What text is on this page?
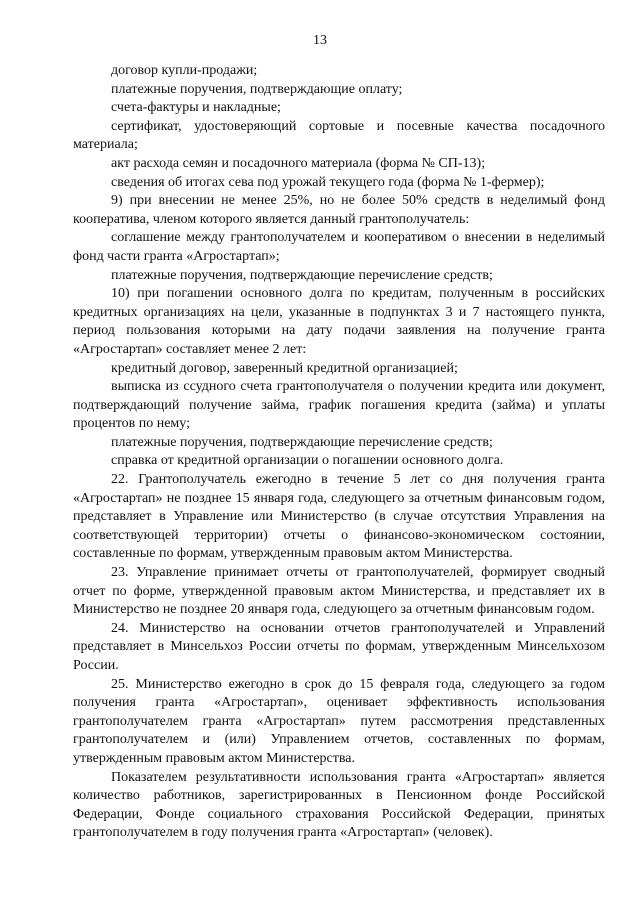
13

договор купли-продажи;

платежные поручения, подтверждающие оплату;

счета-фактуры и накладные;

сертификат, удостоверяющий сортовые и посевные качества посадочного материала;

акт расхода семян и посадочного материала (форма № СП-13);

сведения об итогах сева под урожай текущего года (форма № 1-фермер);

9) при внесении не менее 25%, но не более 50% средств в неделимый фонд кооператива, членом которого является данный грантополучатель:

соглашение между грантополучателем и кооперативом о внесении в неделимый фонд части гранта «Агростартап»;

платежные поручения, подтверждающие перечисление средств;

10) при погашении основного долга по кредитам, полученным в российских кредитных организациях на цели, указанные в подпунктах 3 и 7 настоящего пункта, период пользования которыми на дату подачи заявления на получение гранта «Агростартап» составляет менее 2 лет:

кредитный договор, заверенный кредитной организацией;

выписка из ссудного счета грантополучателя о получении кредита или документ, подтверждающий получение займа, график погашения кредита (займа) и уплаты процентов по нему;

платежные поручения, подтверждающие перечисление средств;

справка от кредитной организации о погашении основного долга.

22. Грантополучатель ежегодно в течение 5 лет со дня получения гранта «Агростартап» не позднее 15 января года, следующего за отчетным финансовым годом, представляет в Управление или Министерство (в случае отсутствия Управления на соответствующей территории) отчеты о финансово-экономическом состоянии, составленные по формам, утвержденным правовым актом Министерства.

23. Управление принимает отчеты от грантополучателей, формирует сводный отчет по форме, утвержденной правовым актом Министерства, и представляет их в Министерство не позднее 20 января года, следующего за отчетным финансовым годом.

24. Министерство на основании отчетов грантополучателей и Управлений представляет в Минсельхоз России отчеты по формам, утвержденным Минсельхозом России.

25. Министерство ежегодно в срок до 15 февраля года, следующего за годом получения гранта «Агростартап», оценивает эффективность использования грантополучателем гранта «Агростартап» путем рассмотрения представленных грантополучателем и (или) Управлением отчетов, составленных по формам, утвержденным правовым актом Министерства.

Показателем результативности использования гранта «Агростартап» является количество работников, зарегистрированных в Пенсионном фонде Российской Федерации, Фонде социального страхования Российской Федерации, принятых грантополучателем в году получения гранта «Агростартап» (человек).
